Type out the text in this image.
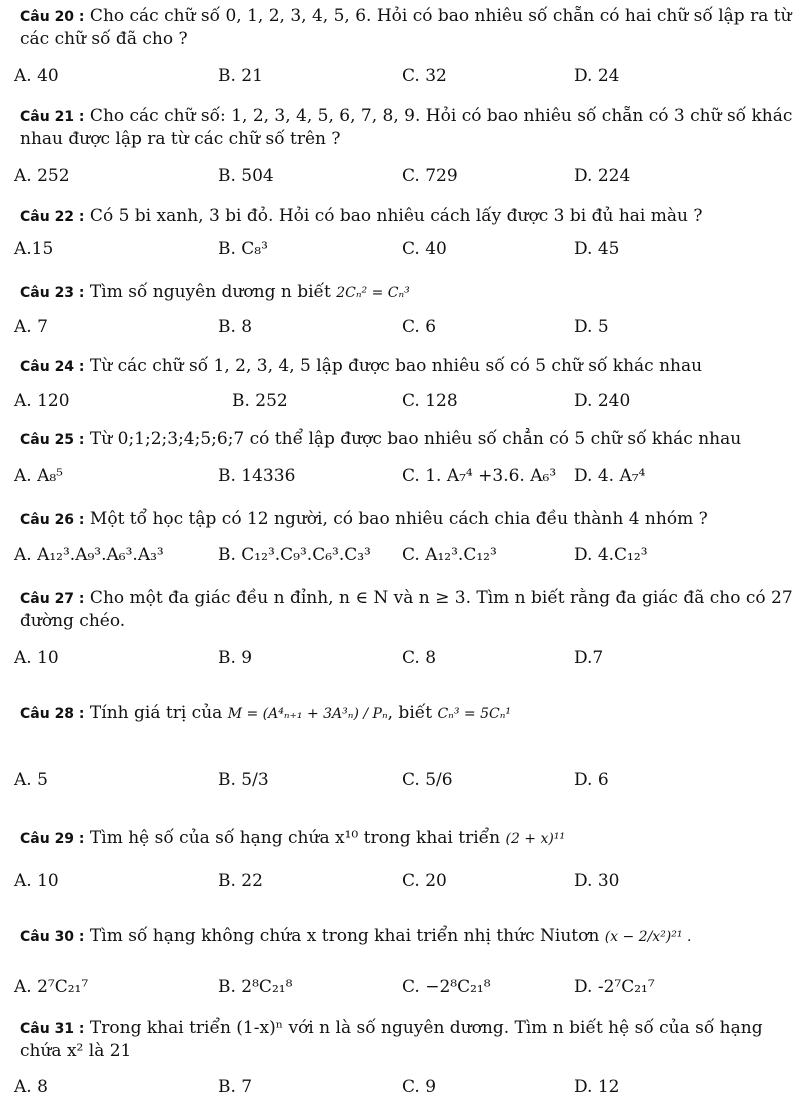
Câu 20 : Cho các chữ số 0, 1, 2, 3, 4, 5, 6. Hỏi có bao nhiêu số chẵn có hai chữ số lập ra từ các chữ số đã cho ?
A. 40	B. 21	C. 32	D. 24
Câu 21 : Cho các chữ số: 1, 2, 3, 4, 5, 6, 7, 8, 9. Hỏi có bao nhiêu số chẵn có 3 chữ số khác nhau được lập ra từ các chữ số trên ?
A. 252	B. 504	C. 729	D. 224
Câu 22 : Có 5 bi xanh, 3 bi đỏ. Hỏi có bao nhiêu cách lấy được 3 bi đủ hai màu ?
A.15	B. C₈³	C. 40	D. 45
Câu 23 : Tìm số nguyên dương n biết 2Cₙ² = Cₙ³
A. 7	B. 8	C. 6	D. 5
Câu 24 : Từ các chữ số 1, 2, 3, 4, 5 lập được bao nhiêu số có 5 chữ số khác nhau
A. 120	B. 252	C. 128	D. 240
Câu 25 : Từ 0;1;2;3;4;5;6;7 có thể lập được bao nhiêu số chẳn có 5 chữ số khác nhau
A. A₈⁵	B. 14336	C. 1. A₇⁴ +3.6. A₆³ D. 4. A₇⁴
Câu 26 : Một tổ học tập có 12 người, có bao nhiêu cách chia đều thành 4 nhóm ?
A. A₁₂³.A₉³.A₆³.A₃³	B. C₁₂³.C₉³.C₆³.C₃³ C. A₁₂³.C₁₂³	D. 4.C₁₂³
Câu 27 : Cho một đa giác đều n đỉnh, n ∈ N và n ≥ 3. Tìm n biết rằng đa giác đã cho có 27 đường chéo.
A. 10	B. 9	C. 8	D.7
Câu 28 : Tính giá trị của M = (A⁴ₙ₊₁ + 3A³ₙ) / Pₙ, biết Cₙ³ = 5Cₙ¹
A. 5	B. 5/3	C. 5/6	D. 6
Câu 29 : Tìm hệ số của số hạng chứa x¹⁰ trong khai triển (2 + x)¹¹
A. 10	B. 22	C. 20	D. 30
Câu 30 : Tìm số hạng không chứa x trong khai triển nhị thức Niutơn (x − 2/x²)²¹ .
A. 2⁷C₂₁⁷	B. 2⁸C₂₁⁸	C. −2⁸C₂₁⁸	D. -2⁷C₂₁⁷
Câu 31 : Trong khai triển (1-x)ⁿ với n là số nguyên dương. Tìm n biết hệ số của số hạng chứa x² là 21
A. 8	B. 7	C. 9	D. 12
